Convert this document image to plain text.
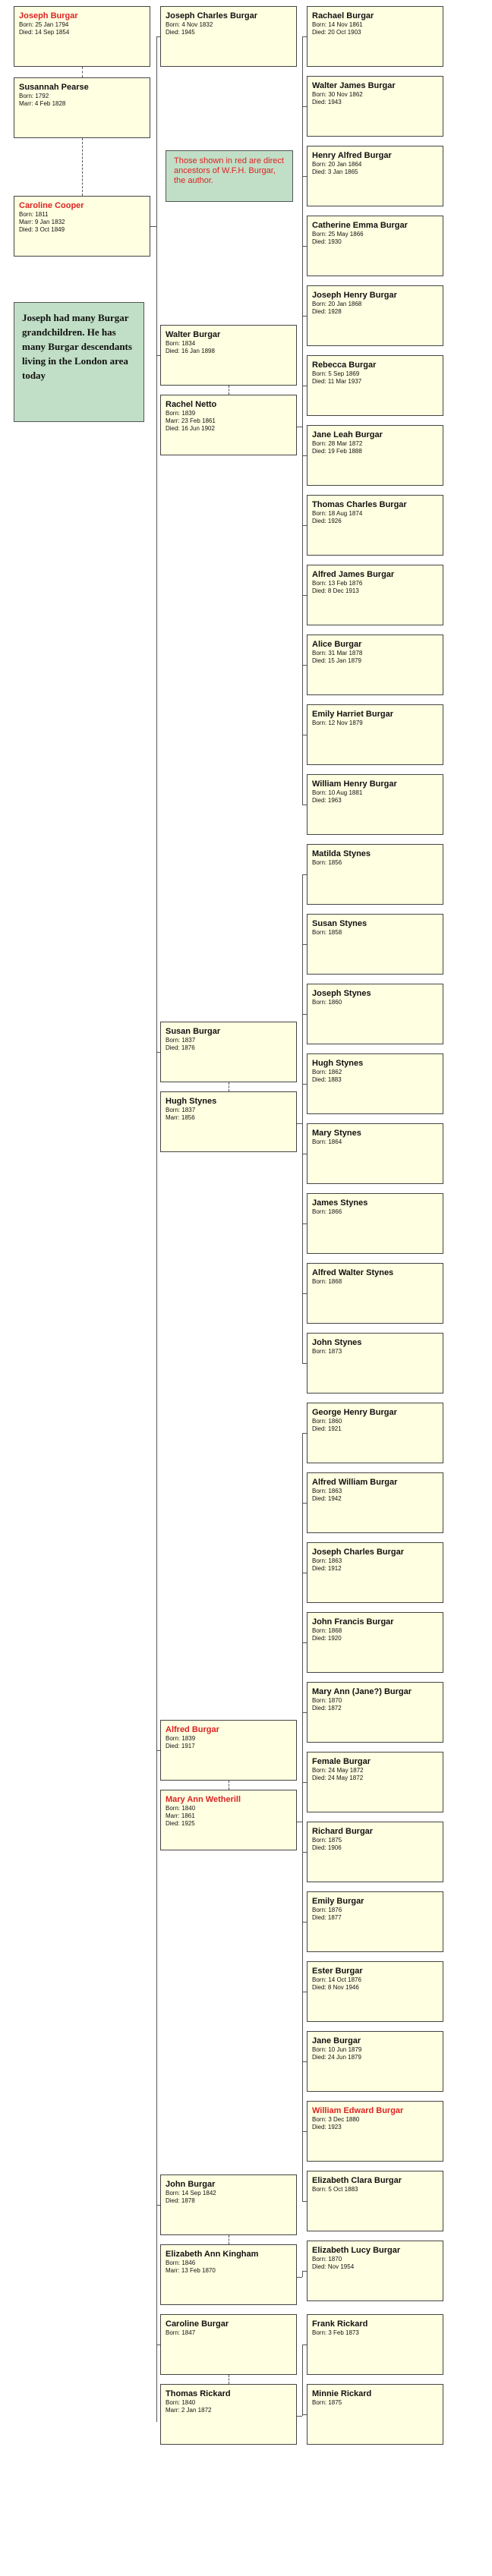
Joseph Burgar
Born: 25 Jan 1794
Died: 14 Sep 1854
Susannah Pearse
Born: 1792
Marr: 4 Feb 1828
Caroline Cooper
Born: 1811
Marr: 9 Jan 1832
Died: 3 Oct 1849
Joseph Charles Burgar
Born: 4 Nov 1832
Died: 1945
Walter Burgar
Born: 1834
Died: 16 Jan 1898
Rachel Netto
Born: 1839
Marr: 23 Feb 1861
Died: 16 Jun 1902
Susan Burgar
Born: 1837
Died: 1876
Hugh Stynes
Born: 1837
Marr: 1856
Alfred Burgar
Born: 1839
Died: 1917
Mary Ann Wetherill
Born: 1840
Marr: 1861
Died: 1925
John Burgar
Born: 14 Sep 1842
Died: 1878
Elizabeth Ann Kingham
Born: 1846
Marr: 13 Feb 1870
Caroline Burgar
Born: 1847
Thomas Rickard
Born: 1840
Marr: 2 Jan 1872
Rachael Burgar
Born: 14 Nov 1861
Died: 20 Oct 1903
Walter James Burgar
Born: 30 Nov 1862
Died: 1943
Henry Alfred Burgar
Born: 20 Jan 1864
Died: 3 Jan 1865
Catherine Emma Burgar
Born: 25 May 1866
Died: 1930
Joseph Henry Burgar
Born: 20 Jan 1868
Died: 1928
Rebecca Burgar
Born: 5 Sep 1869
Died: 11 Mar 1937
Jane Leah Burgar
Born: 28 Mar 1872
Died: 19 Feb 1888
Thomas Charles Burgar
Born: 18 Aug 1874
Died: 1926
Alfred James Burgar
Born: 13 Feb 1876
Died: 8 Dec 1913
Alice Burgar
Born: 31 Mar 1878
Died: 15 Jan 1879
Emily Harriet Burgar
Born: 12 Nov 1879
William Henry Burgar
Born: 10 Aug 1881
Died: 1963
Matilda Stynes
Born: 1856
Susan Stynes
Born: 1858
Joseph Stynes
Born: 1860
Hugh Stynes
Born: 1862
Died: 1883
Mary Stynes
Born: 1864
James Stynes
Born: 1866
Alfred Walter Stynes
Born: 1868
John Stynes
Born: 1873
George Henry Burgar
Born: 1860
Died: 1921
Alfred William Burgar
Born: 1863
Died: 1942
Joseph Charles Burgar
Born: 1863
Died: 1912
John Francis Burgar
Born: 1868
Died: 1920
Mary Ann (Jane?) Burgar
Born: 1870
Died: 1872
Female Burgar
Born: 24 May 1872
Died: 24 May 1872
Richard Burgar
Born: 1875
Died: 1906
Emily Burgar
Born: 1876
Died: 1877
Ester Burgar
Born: 14 Oct 1876
Died: 8 Nov 1946
Jane Burgar
Born: 10 Jun 1879
Died: 24 Jun 1879
William Edward Burgar
Born: 3 Dec 1880
Died: 1923
Elizabeth Clara Burgar
Born: 5 Oct 1883
Elizabeth Lucy Burgar
Born: 1870
Died: Nov 1954
Frank Rickard
Born: 3 Feb 1873
Minnie Rickard
Born: 1875
Those shown in red are direct ancestors of W.F.H. Burgar, the author.
Joseph had many Burgar grandchildren. He has many Burgar descendants living in the London area today
